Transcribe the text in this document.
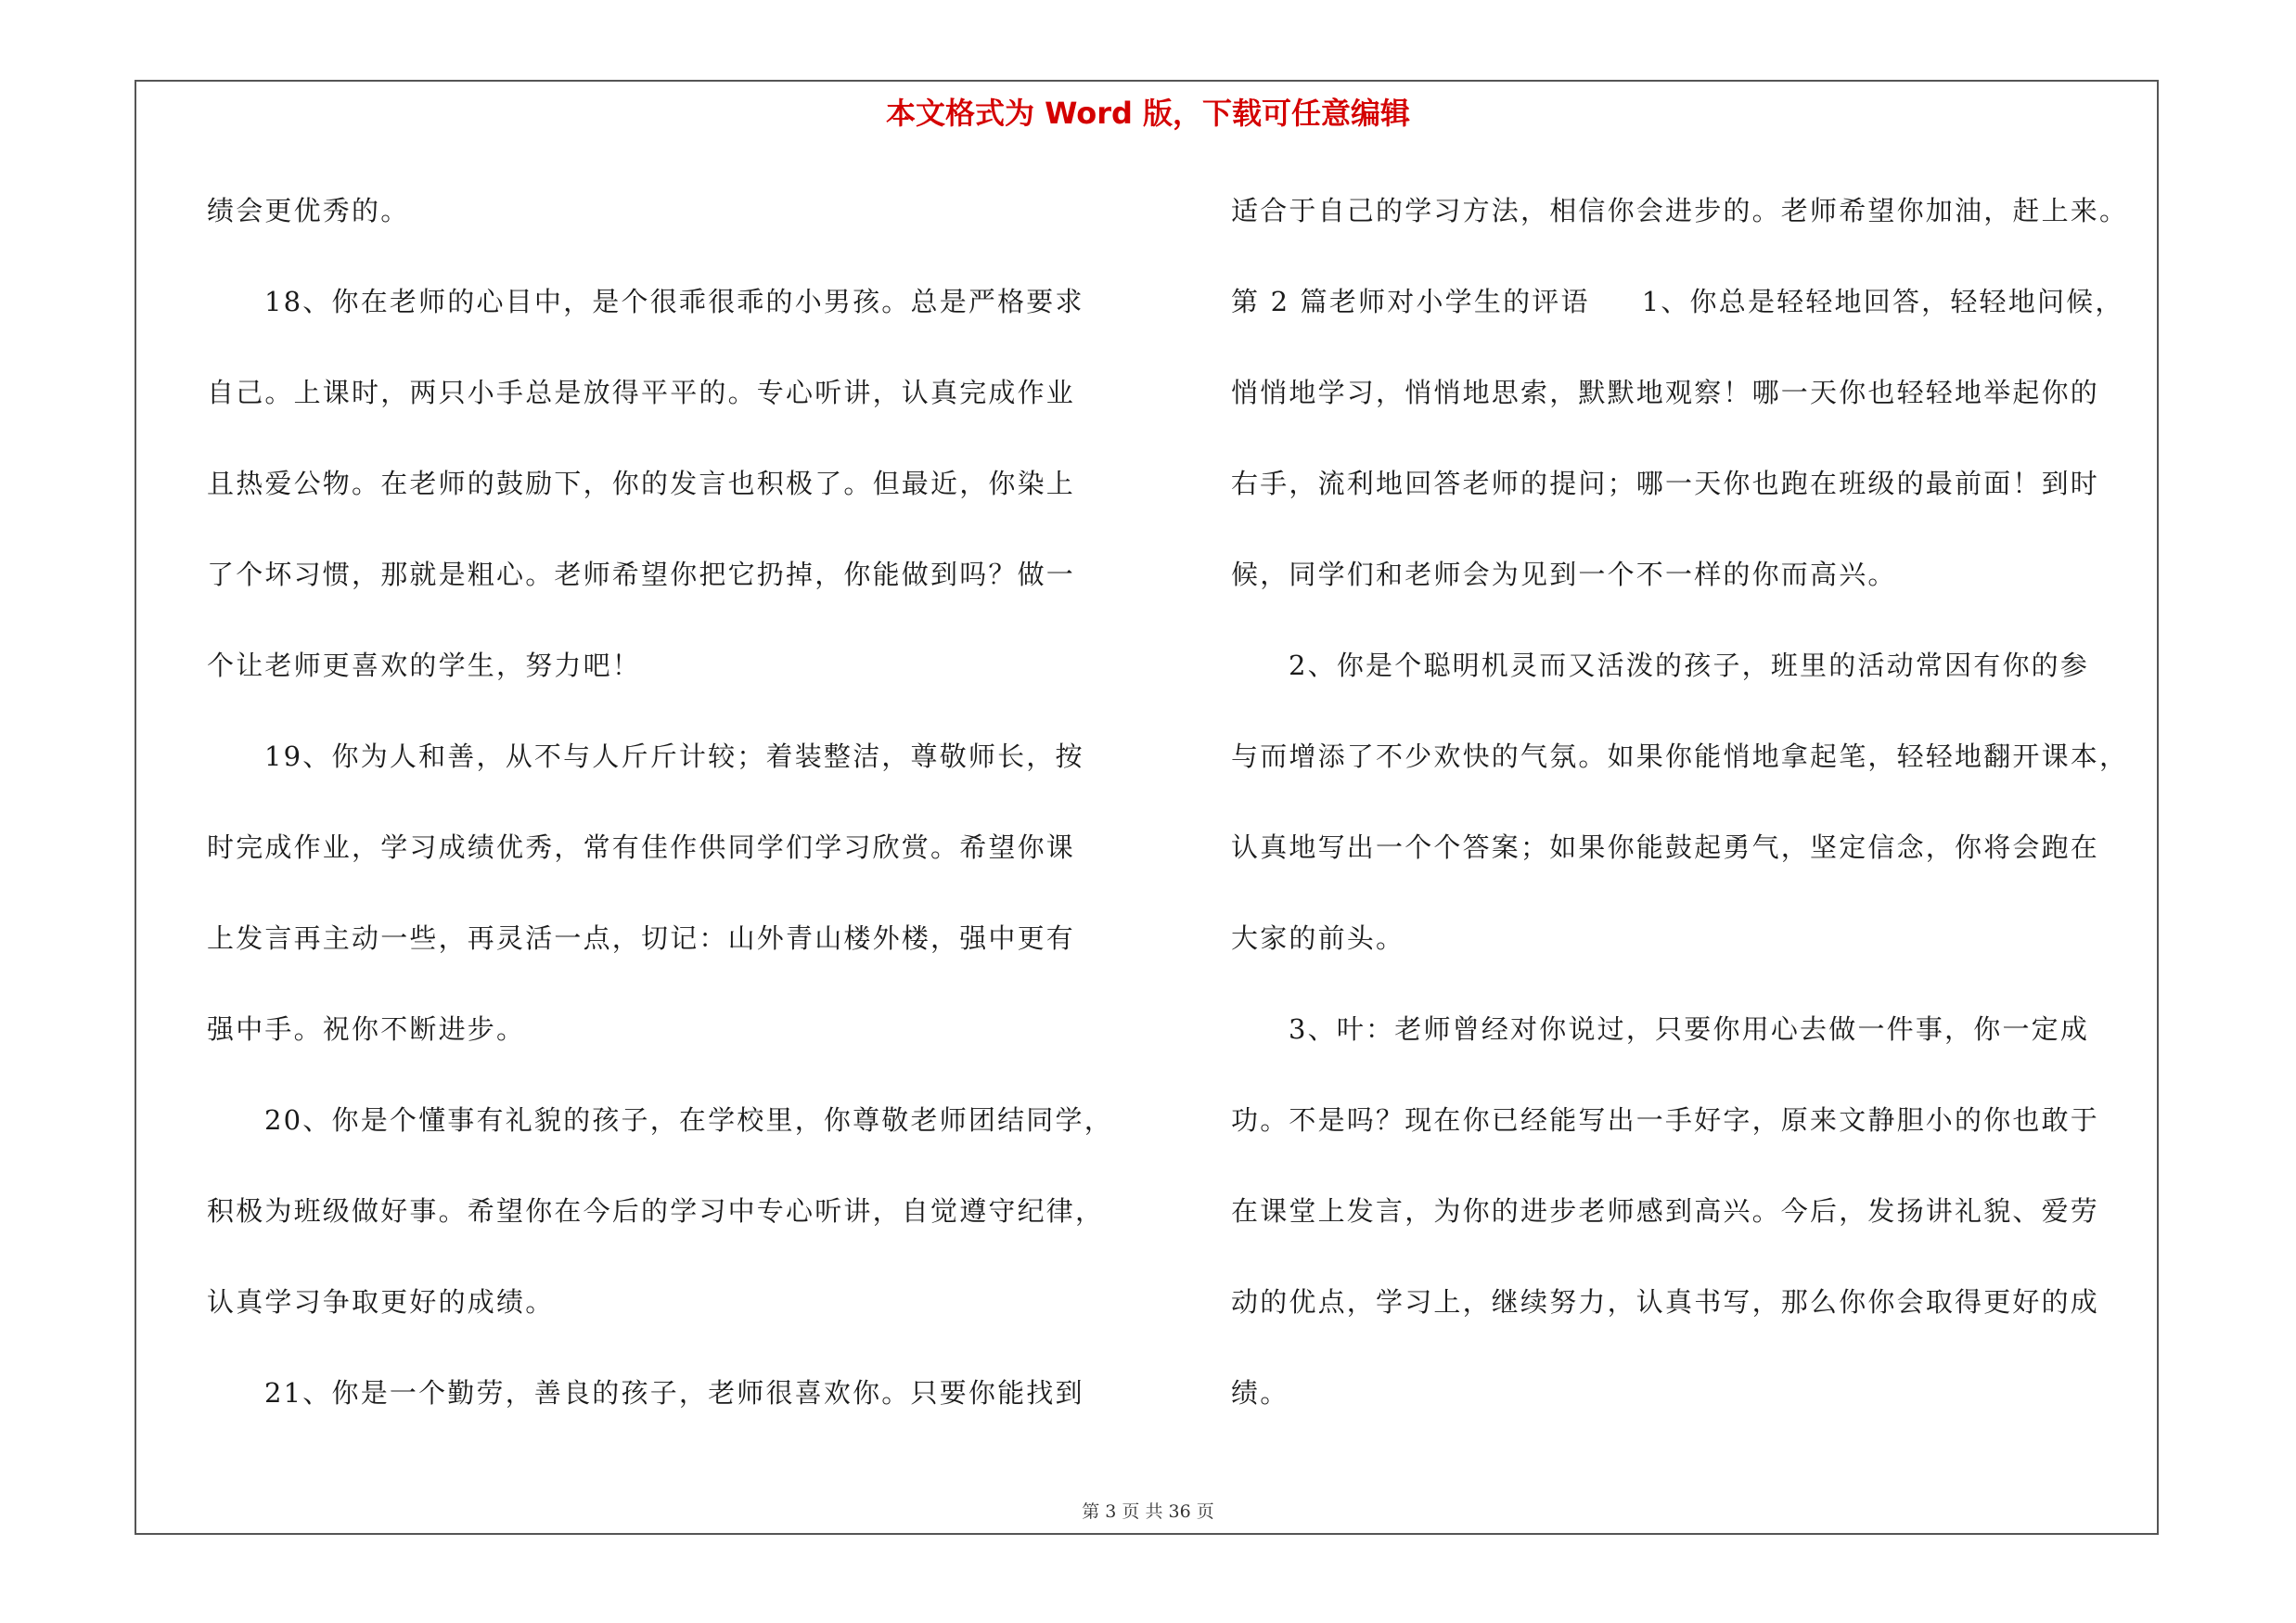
本文格式为 Word 版，下载可任意编辑
绩会更优秀的。
18、你在老师的心目中，是个很乖很乖的小男孩。总是严格要求
自己。上课时，两只小手总是放得平平的。专心听讲，认真完成作业
且热爱公物。在老师的鼓励下，你的发言也积极了。但最近，你染上
了个坏习惯，那就是粗心。老师希望你把它扔掉，你能做到吗？做一
个让老师更喜欢的学生，努力吧！
19、你为人和善，从不与人斤斤计较；着装整洁，尊敬师长，按
时完成作业，学习成绩优秀，常有佳作供同学们学习欣赏。希望你课
上发言再主动一些，再灵活一点，切记：山外青山楼外楼，强中更有
强中手。祝你不断进步。
20、你是个懂事有礼貌的孩子，在学校里，你尊敬老师团结同学，
积极为班级做好事。希望你在今后的学习中专心听讲，自觉遵守纪律，
认真学习争取更好的成绩。
21、你是一个勤劳，善良的孩子，老师很喜欢你。只要你能找到
适合于自己的学习方法，相信你会进步的。老师希望你加油，赶上来。
第 2 篇老师对小学生的评语 1、你总是轻轻地回答，轻轻地问候，
悄悄地学习，悄悄地思索，默默地观察！哪一天你也轻轻地举起你的
右手，流利地回答老师的提问；哪一天你也跑在班级的最前面！到时
候，同学们和老师会为见到一个不一样的你而高兴。
2、你是个聪明机灵而又活泼的孩子，班里的活动常因有你的参
与而增添了不少欢快的气氛。如果你能悄地拿起笔，轻轻地翻开课本，
认真地写出一个个答案；如果你能鼓起勇气，坚定信念，你将会跑在
大家的前头。
3、叶：老师曾经对你说过，只要你用心去做一件事，你一定成
功。不是吗？现在你已经能写出一手好字，原来文静胆小的你也敢于
在课堂上发言，为你的进步老师感到高兴。今后，发扬讲礼貌、爱劳
动的优点，学习上，继续努力，认真书写，那么你你会取得更好的成
绩。
第 3 页 共 36 页
